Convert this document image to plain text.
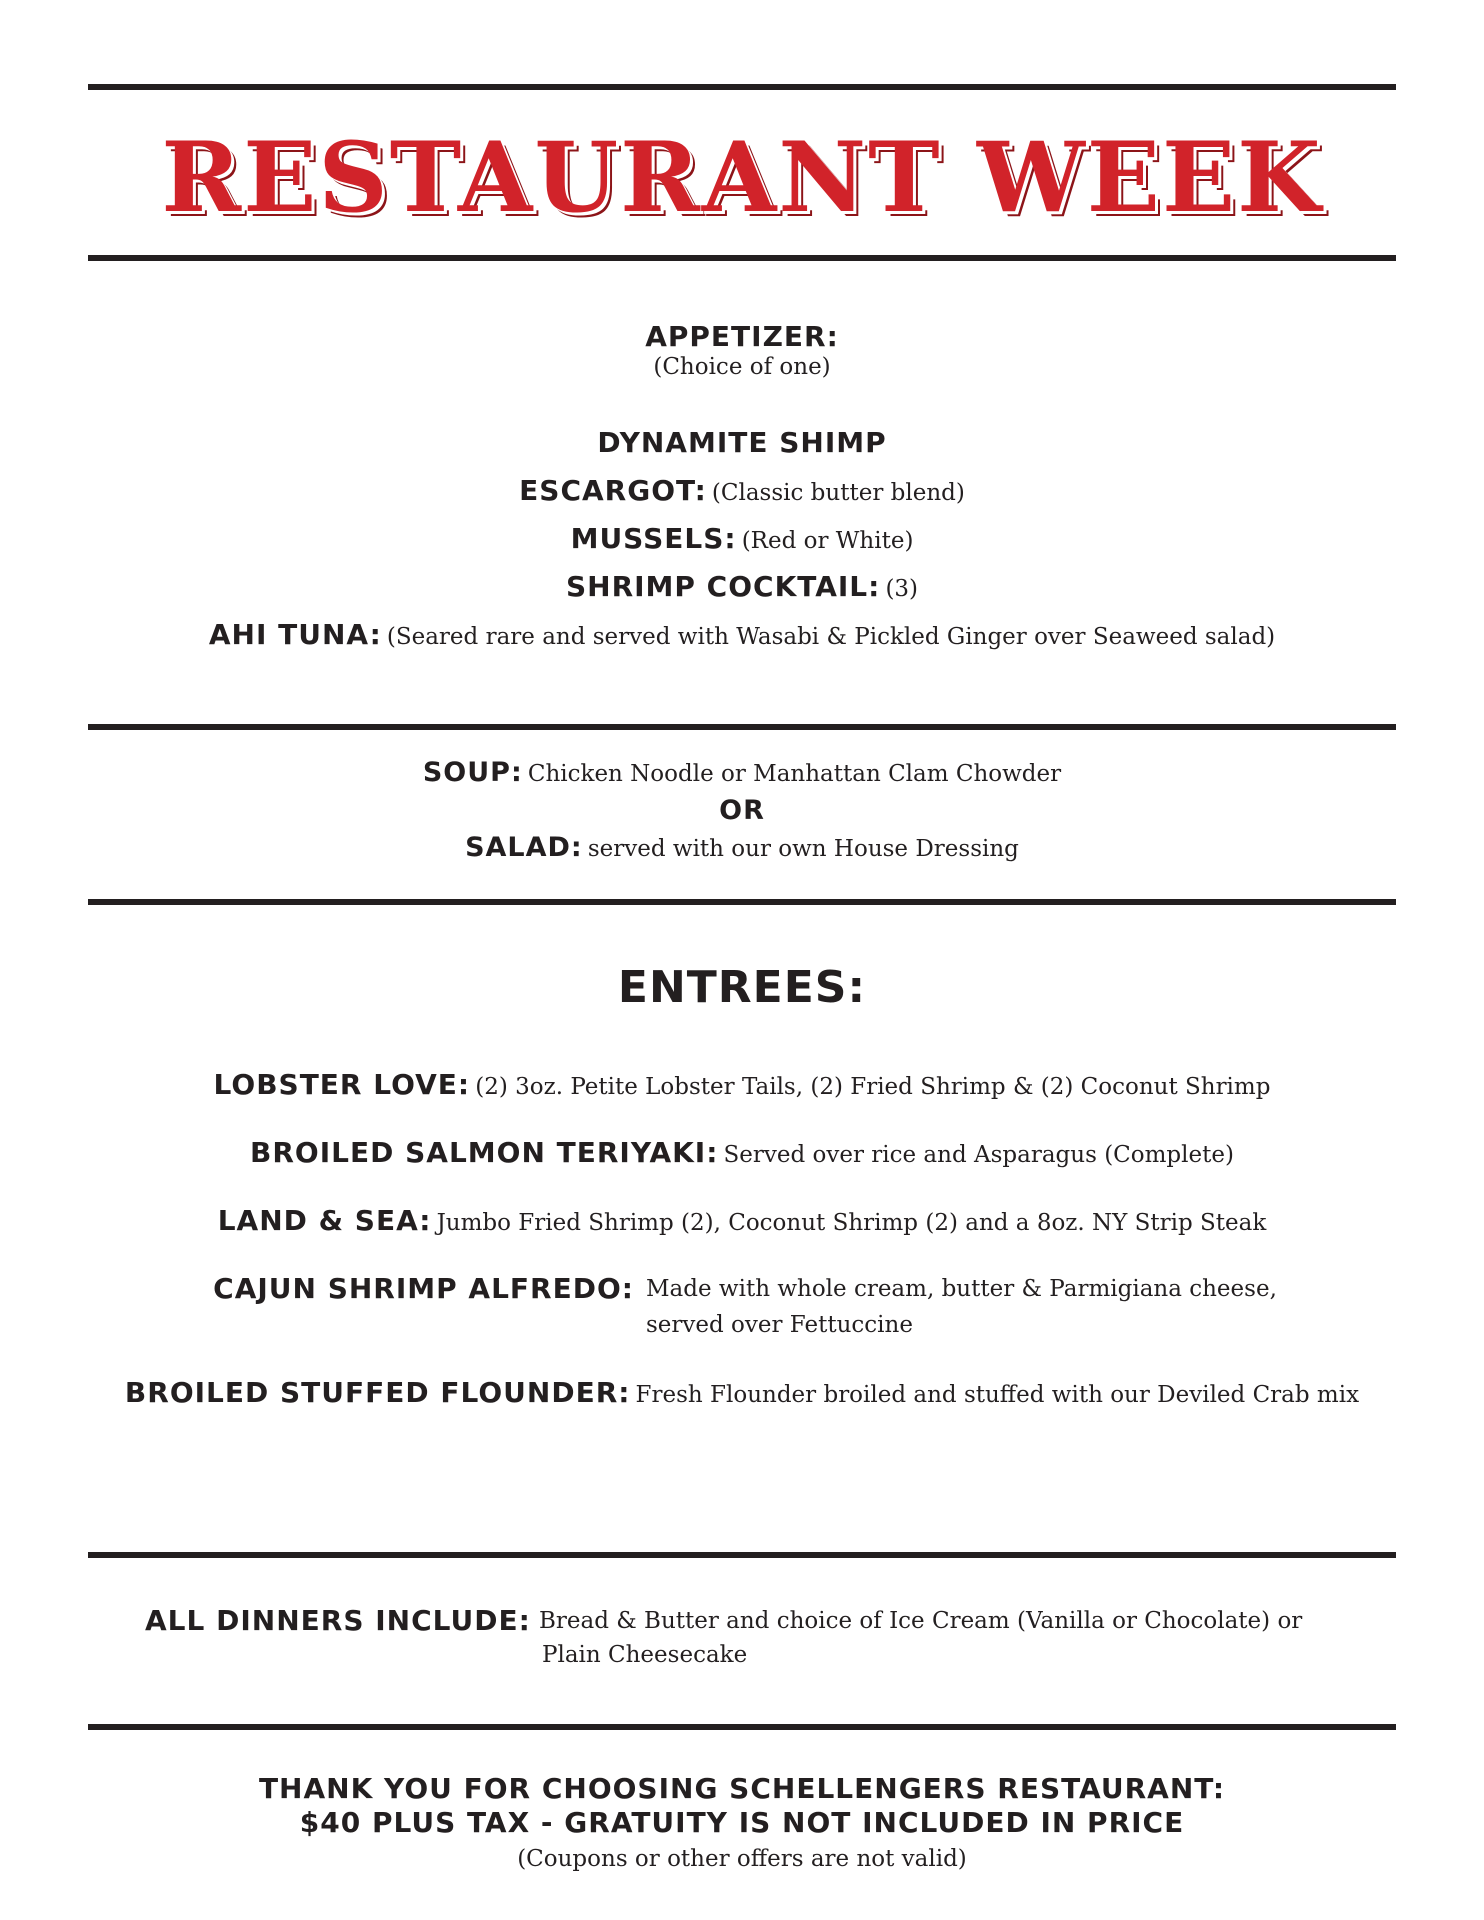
RESTAURANT WEEK
APPETIZER:
(Choice of one)
DYNAMITE SHIMP
ESCARGOT: (Classic butter blend)
MUSSELS: (Red or White)
SHRIMP COCKTAIL: (3)
AHI TUNA: (Seared rare and served with Wasabi & Pickled Ginger over Seaweed salad)
SOUP: Chicken Noodle or Manhattan Clam Chowder
OR
SALAD: served with our own House Dressing
ENTREES:
LOBSTER LOVE: (2) 3oz. Petite Lobster Tails, (2) Fried Shrimp & (2) Coconut Shrimp
BROILED SALMON TERIYAKI: Served over rice and Asparagus (Complete)
LAND & SEA: Jumbo Fried Shrimp (2), Coconut Shrimp (2) and a 8oz. NY Strip Steak
CAJUN SHRIMP ALFREDO: Made with whole cream, butter & Parmigiana cheese,
served over Fettuccine
BROILED STUFFED FLOUNDER: Fresh Flounder broiled and stuffed with our Deviled Crab mix
ALL DINNERS INCLUDE: Bread & Butter and choice of Ice Cream (Vanilla or Chocolate) or
Plain Cheesecake
THANK YOU FOR CHOOSING SCHELLENGERS RESTAURANT:
$40 PLUS TAX - GRATUITY IS NOT INCLUDED IN PRICE
(Coupons or other offers are not valid)
